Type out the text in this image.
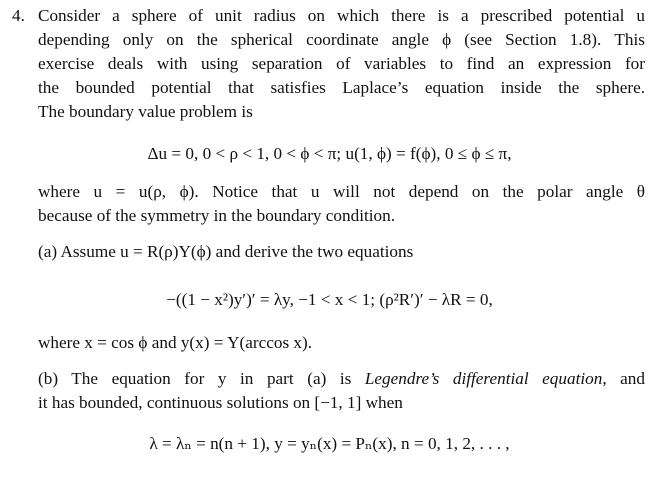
4. Consider a sphere of unit radius on which there is a prescribed potential u
depending only on the spherical coordinate angle ϕ (see Section 1.8). This
exercise deals with using separation of variables to find an expression for
the bounded potential that satisfies Laplace’s equation inside the sphere.
The boundary value problem is
Δu = 0, 0 < ρ < 1, 0 < ϕ < π; u(1, ϕ) = f(ϕ), 0 ≤ ϕ ≤ π,
where u = u(ρ, ϕ). Notice that u will not depend on the polar angle θ
because of the symmetry in the boundary condition.
(a) Assume u = R(ρ)Y(ϕ) and derive the two equations
−((1 − x²)y′)′ = λy, −1 < x < 1; (ρ²R′)′ − λR = 0,
where x = cos ϕ and y(x) = Y(arccos x).
(b) The equation for y in part (a) is Legendre’s differential equation, and
it has bounded, continuous solutions on [−1, 1] when
λ = λₙ = n(n + 1), y = yₙ(x) = Pₙ(x), n = 0, 1, 2, . . . ,
